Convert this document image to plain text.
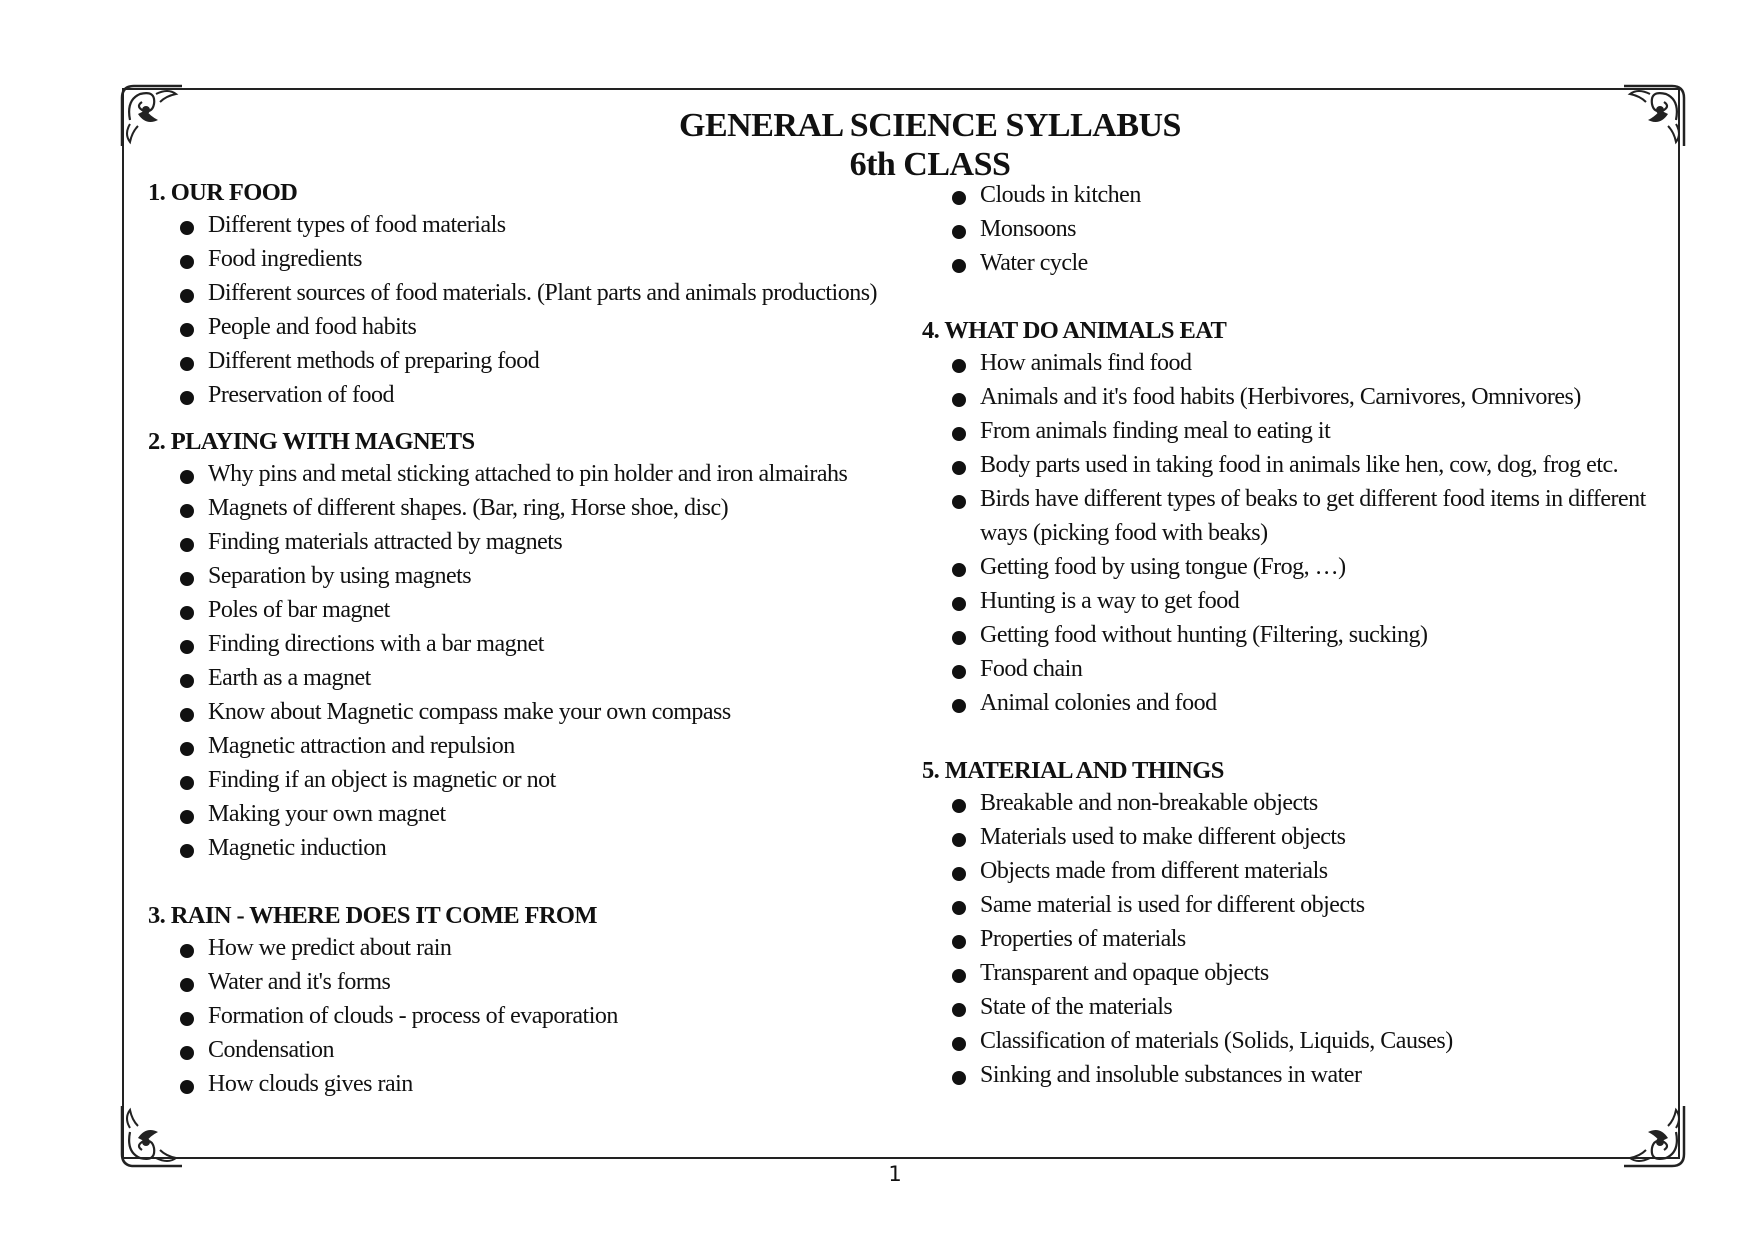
GENERAL SCIENCE SYLLABUS
6th CLASS
1. OUR FOOD
Different types of food materials
Food ingredients
Different sources of food materials. (Plant parts and animals productions)
People and food habits
Different methods of preparing food
Preservation of food
2. PLAYING WITH MAGNETS
Why pins and metal sticking attached to pin holder and iron almairahs
Magnets of different shapes. (Bar, ring, Horse shoe, disc)
Finding materials attracted by magnets
Separation by using magnets
Poles of bar magnet
Finding directions with a bar magnet
Earth as a magnet
Know about Magnetic compass make your own compass
Magnetic attraction and repulsion
Finding if an object is magnetic or not
Making your own magnet
Magnetic induction
3. RAIN - WHERE DOES IT COME FROM
How we predict about rain
Water and it's forms
Formation of clouds - process of evaporation
Condensation
How clouds gives rain
Clouds in kitchen
Monsoons
Water cycle
4. WHAT DO ANIMALS EAT
How animals find food
Animals and it's food habits (Herbivores, Carnivores, Omnivores)
From animals finding meal to eating it
Body parts used in taking food in animals like hen, cow, dog, frog etc.
Birds have different types of beaks to get different food items in different ways (picking food with beaks)
Getting food by using tongue (Frog, …)
Hunting is a way to get food
Getting food without hunting (Filtering, sucking)
Food chain
Animal colonies and food
5. MATERIAL AND THINGS
Breakable and non-breakable objects
Materials used to make different objects
Objects made from different materials
Same material is used for different objects
Properties of materials
Transparent and opaque objects
State of the materials
Classification of materials (Solids, Liquids, Causes)
Sinking and insoluble substances in water
1
